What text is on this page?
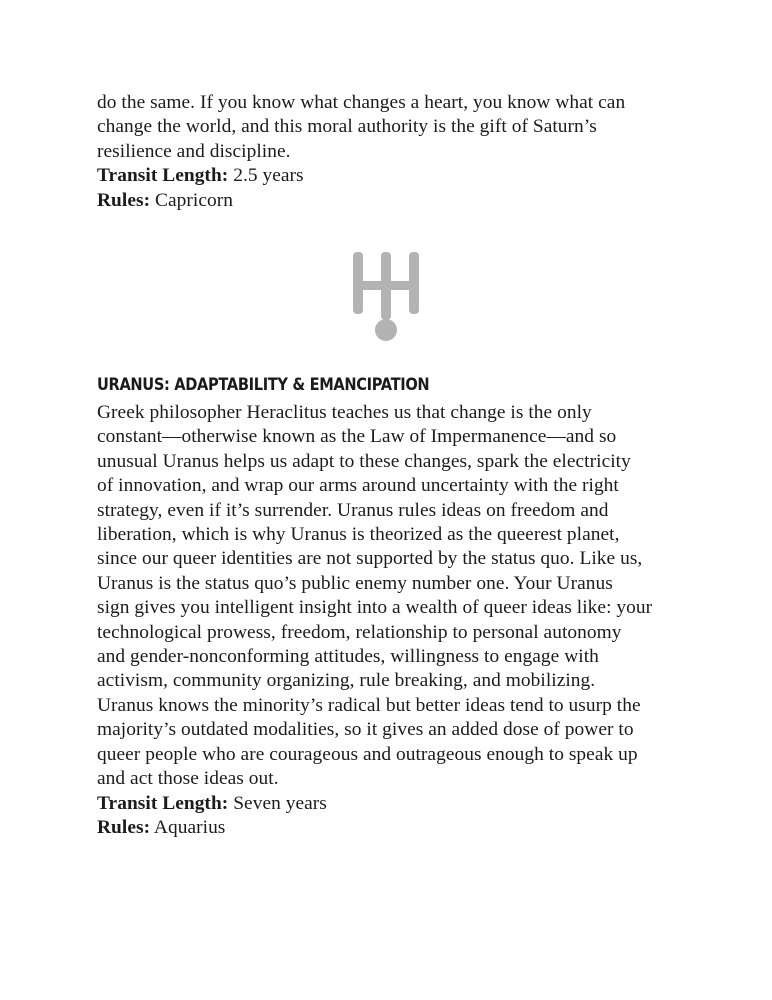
do the same. If you know what changes a heart, you know what can
change the world, and this moral authority is the gift of Saturn’s
resilience and discipline.

Transit Length: 2.5 years

Rules: Capricorn

URANUS: ADAPTABILITY & EMANCIPATION

Greek philosopher Heraclitus teaches us that change is the only
constant—otherwise known as the Law of Impermanence—and so
unusual Uranus helps us adapt to these changes, spark the electricity
of innovation, and wrap our arms around uncertainty with the right
strategy, even if it’s surrender. Uranus rules ideas on freedom and
liberation, which is why Uranus is theorized as the queerest planet,
since our queer identities are not supported by the status quo. Like us,
Uranus is the status quo’s public enemy number one. Your Uranus
sign gives you intelligent insight into a wealth of queer ideas like: your
technological prowess, freedom, relationship to personal autonomy
and gender-nonconforming attitudes, willingness to engage with
activism, community organizing, rule breaking, and mobilizing.
Uranus knows the minority’s radical but better ideas tend to usurp the
majority’s outdated modalities, so it gives an added dose of power to
queer people who are courageous and outrageous enough to speak up
and act those ideas out.

Transit Length: Seven years

Rules: Aquarius
